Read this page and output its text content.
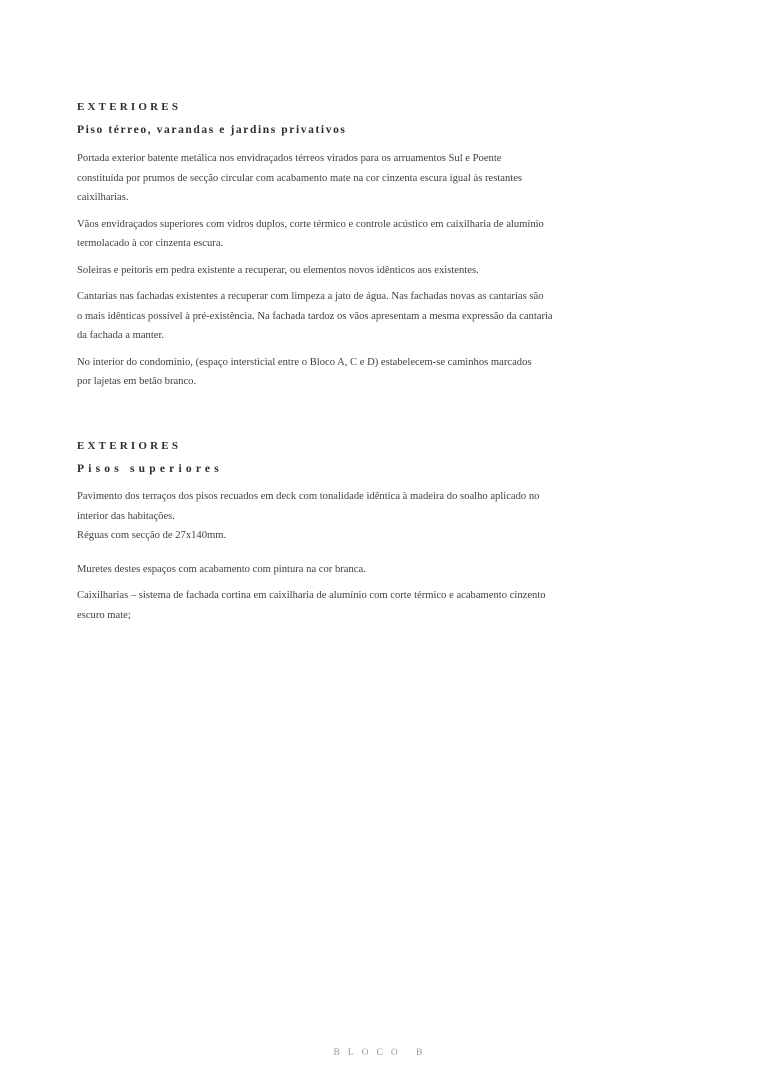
EXTERIORES

Piso térreo, varandas e jardins privativos

Portada exterior batente metálica nos envidraçados térreos virados para os arruamentos Sul e Poente
constituída por prumos de secção circular com acabamento mate na cor cinzenta escura igual às restantes
caixilharias.

Vãos envidraçados superiores com vidros duplos, corte térmico e controle acústico em caixilharia de alumínio
termolacado à cor cinzenta escura.

Soleiras e peitoris em pedra existente a recuperar, ou elementos novos idênticos aos existentes.

Cantarias nas fachadas existentes a recuperar com limpeza a jato de água. Nas fachadas novas as cantarias são
o mais idênticas possível à pré-existência. Na fachada tardoz os vãos apresentam a mesma expressão da cantaria
da fachada a manter.

No interior do condomínio, (espaço intersticial entre o Bloco A, C e D) estabelecem-se caminhos marcados
por lajetas em betão branco.

EXTERIORES

Pisos superiores

Pavimento dos terraços dos pisos recuados em deck com tonalidade idêntica à madeira do soalho aplicado no
interior das habitações.
Réguas com secção de 27x140mm.

Muretes destes espaços com acabamento com pintura na cor branca.

Caixilharias – sistema de fachada cortina em caixilharia de alumínio com corte térmico e acabamento cinzento
escuro mate;

BLOCO B
